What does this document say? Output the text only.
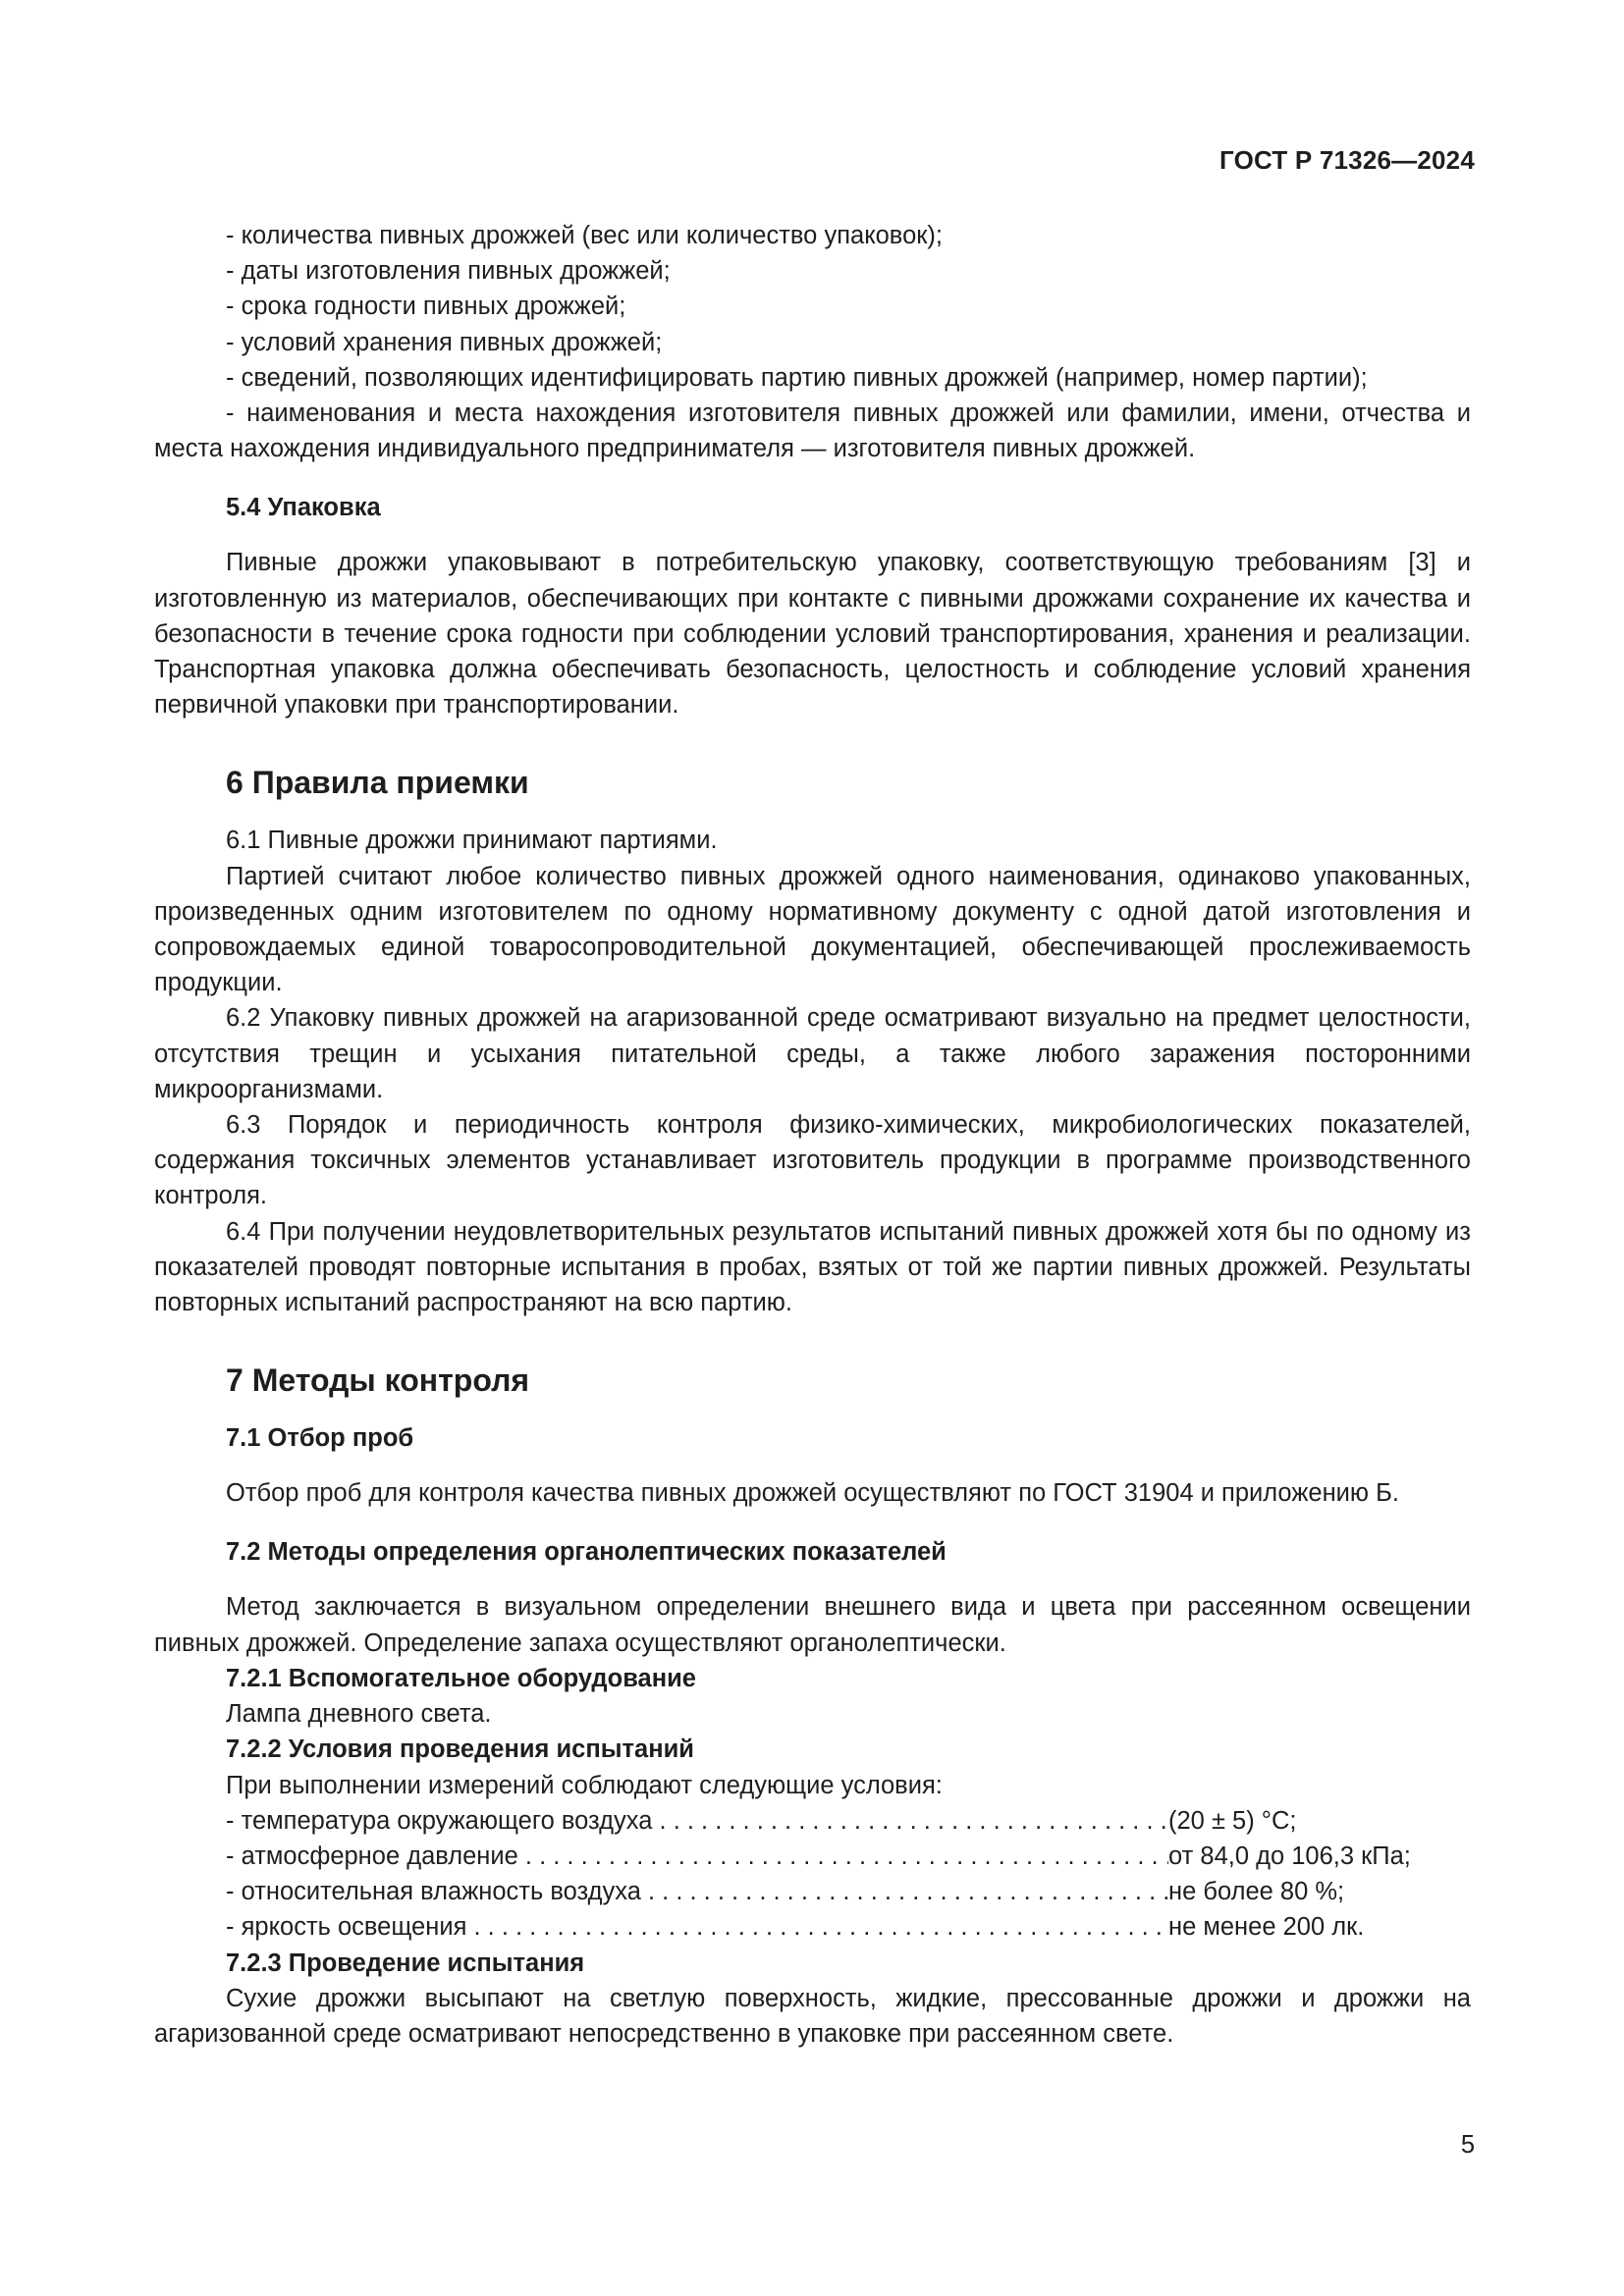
ГОСТ Р 71326—2024

- количества пивных дрожжей (вес или количество упаковок);

- даты изготовления пивных дрожжей;

- срока годности пивных дрожжей;

- условий хранения пивных дрожжей;

- сведений, позволяющих идентифицировать партию пивных дрожжей (например, номер партии);

- наименования и места нахождения изготовителя пивных дрожжей или фамилии, имени, отчества и места нахождения индивидуального предпринимателя — изготовителя пивных дрожжей.

5.4 Упаковка

Пивные дрожжи упаковывают в потребительскую упаковку, соответствующую требованиям [3] и изготовленную из материалов, обеспечивающих при контакте с пивными дрожжами сохранение их качества и безопасности в течение срока годности при соблюдении условий транспортирования, хранения и реализации. Транспортная упаковка должна обеспечивать безопасность, целостность и соблюдение условий хранения первичной упаковки при транспортировании.

6 Правила приемки

6.1 Пивные дрожжи принимают партиями.

Партией считают любое количество пивных дрожжей одного наименования, одинаково упакованных, произведенных одним изготовителем по одному нормативному документу с одной датой изготовления и сопровождаемых единой товаросопроводительной документацией, обеспечивающей прослеживаемость продукции.

6.2 Упаковку пивных дрожжей на агаризованной среде осматривают визуально на предмет целостности, отсутствия трещин и усыхания питательной среды, а также любого заражения посторонними микроорганизмами.

6.3 Порядок и периодичность контроля физико-химических, микробиологических показателей, содержания токсичных элементов устанавливает изготовитель продукции в программе производственного контроля.

6.4 При получении неудовлетворительных результатов испытаний пивных дрожжей хотя бы по одному из показателей проводят повторные испытания в пробах, взятых от той же партии пивных дрожжей. Результаты повторных испытаний распространяют на всю партию.

7 Методы контроля
7.1 Отбор проб

Отбор проб для контроля качества пивных дрожжей осуществляют по ГОСТ 31904 и приложению Б.

7.2 Методы определения органолептических показателей

Метод заключается в визуальном определении внешнего вида и цвета при рассеянном освещении пивных дрожжей. Определение запаха осуществляют органолептически.

7.2.1 Вспомогательное оборудование

Лампа дневного света.

7.2.2 Условия проведения испытаний

При выполнении измерений соблюдают следующие условия:

- температура окружающего воздуха . . .	(20 ± 5) °С;
- атмосферное давление . . .	от 84,0 до 106,3 кПа;
- относительная влажность воздуха . . .	не более 80 %;
- яркость освещения . . .	не менее 200 лк.
7.2.3 Проведение испытания

Сухие дрожжи высыпают на светлую поверхность, жидкие, прессованные дрожжи и дрожжи на агаризованной среде осматривают непосредственно в упаковке при рассеянном свете.

5
